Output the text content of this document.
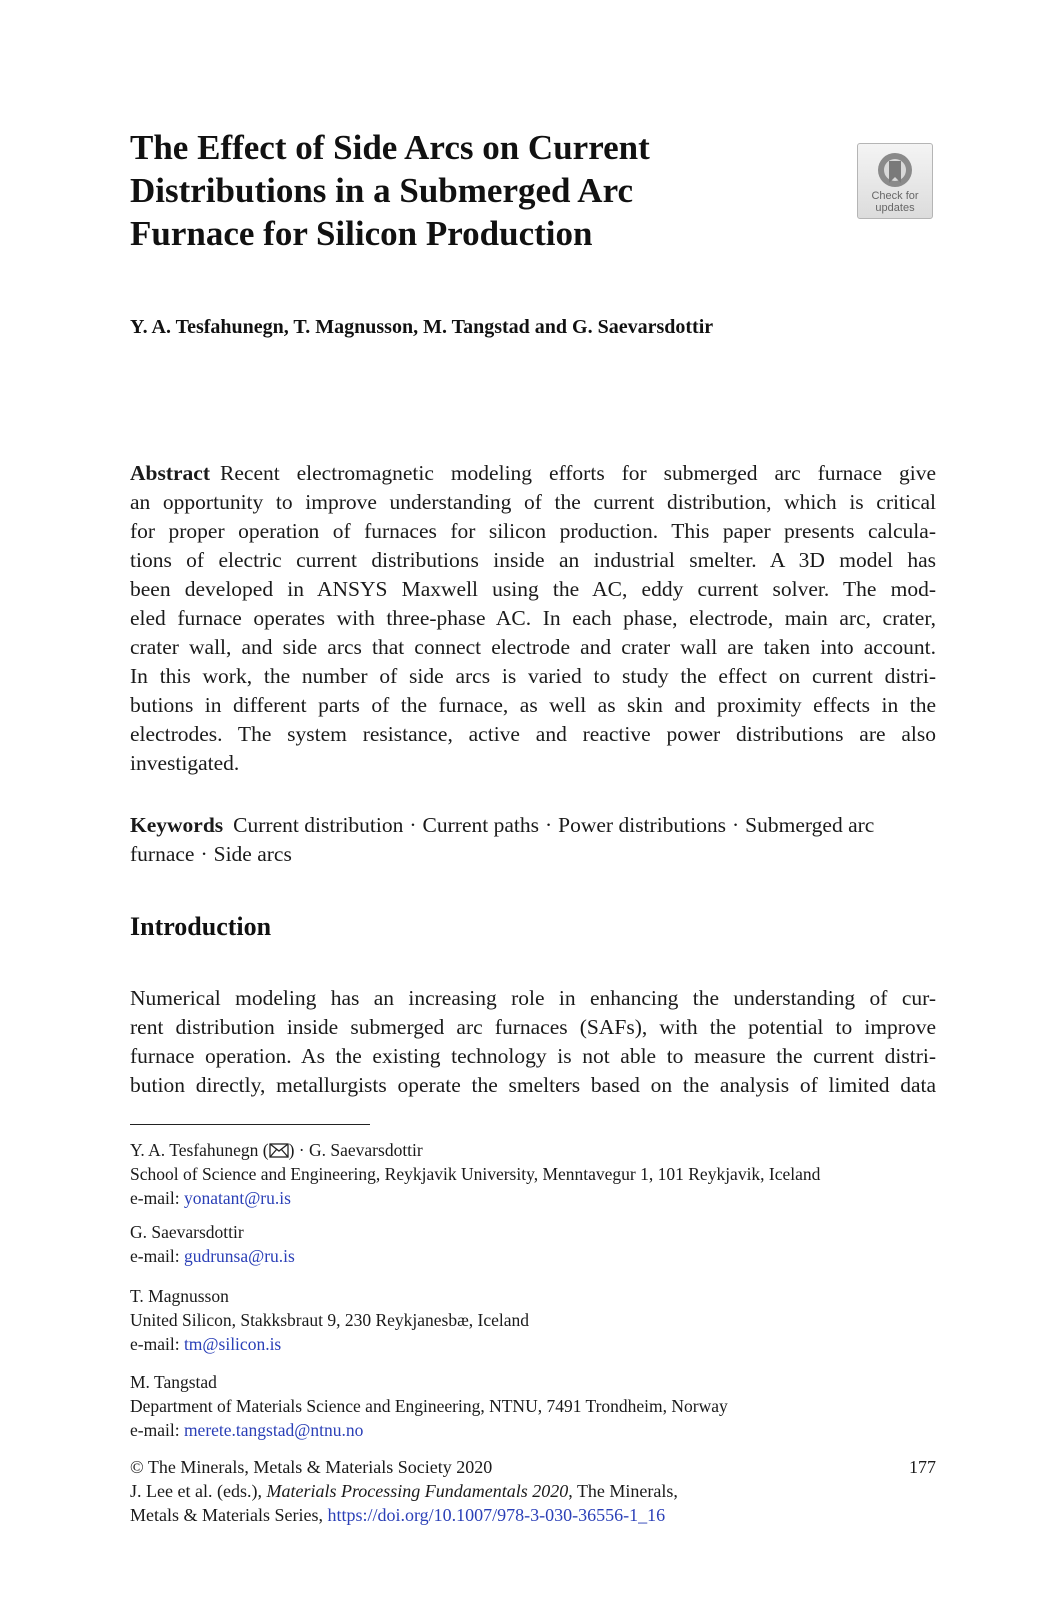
The Effect of Side Arcs on Current
Distributions in a Submerged Arc
Furnace for Silicon Production
Check for
updates
Y. A. Tesfahunegn, T. Magnusson, M. Tangstad and G. Saevarsdottir
Abstract Recent electromagnetic modeling efforts for submerged arc furnace give
an opportunity to improve understanding of the current distribution, which is critical
for proper operation of furnaces for silicon production. This paper presents calcula-
tions of electric current distributions inside an industrial smelter. A 3D model has
been developed in ANSYS Maxwell using the AC, eddy current solver. The mod-
eled furnace operates with three-phase AC. In each phase, electrode, main arc, crater,
crater wall, and side arcs that connect electrode and crater wall are taken into account.
In this work, the number of side arcs is varied to study the effect on current distri-
butions in different parts of the furnace, as well as skin and proximity effects in the
electrodes. The system resistance, active and reactive power distributions are also
investigated.
Keywords Current distribution · Current paths · Power distributions · Submerged arc furnace · Side arcs
Introduction
Numerical modeling has an increasing role in enhancing the understanding of cur-
rent distribution inside submerged arc furnaces (SAFs), with the potential to improve
furnace operation. As the existing technology is not able to measure the current distri-
bution directly, metallurgists operate the smelters based on the analysis of limited data
Y. A. Tesfahunegn ( ) · G. Saevarsdottir
School of Science and Engineering, Reykjavik University, Menntavegur 1, 101 Reykjavik, Iceland
e-mail: yonatant@ru.is
G. Saevarsdottir
e-mail: gudrunsa@ru.is
T. Magnusson
United Silicon, Stakksbraut 9, 230 Reykjanesbæ, Iceland
e-mail: tm@silicon.is
M. Tangstad
Department of Materials Science and Engineering, NTNU, 7491 Trondheim, Norway
e-mail: merete.tangstad@ntnu.no
© The Minerals, Metals & Materials Society 2020	177
J. Lee et al. (eds.), Materials Processing Fundamentals 2020, The Minerals,
Metals & Materials Series, https://doi.org/10.1007/978-3-030-36556-1_16
